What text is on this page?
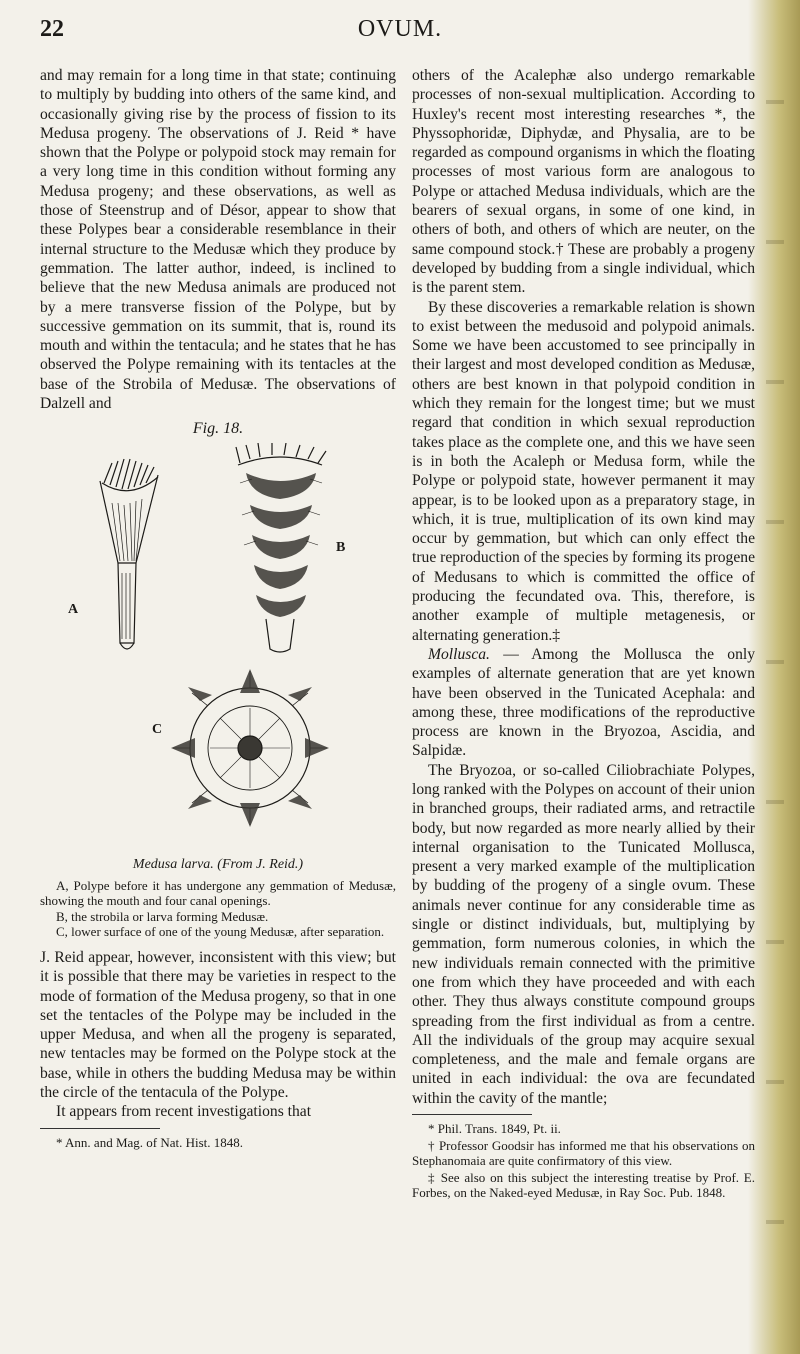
22	OVUM.

and may remain for a long time in that state; continuing to multiply by budding into others of the same kind, and occasionally giving rise by the process of fission to its Medusa progeny. The observations of J. Reid * have shown that the Polype or polypoid stock may remain for a very long time in this condition without forming any Medusa progeny; and these observations, as well as those of Steenstrup and of Désor, appear to show that these Polypes bear a considerable resemblance in their internal structure to the Medusæ which they produce by gemmation. The latter author, indeed, is inclined to believe that the new Medusa animals are produced not by a mere transverse fission of the Polype, but by successive gemmation on its summit, that is, round its mouth and within the tentacula; and he states that he has observed the Polype remaining with its tentacles at the base of the Strobila of Medusæ. The observations of Dalzell and

Fig. 18.
A
B
C
Medusa larva. (From J. Reid.)

A, Polype before it has undergone any gemmation of Medusæ, showing the mouth and four canal openings.

B, the strobila or larva forming Medusæ.

C, lower surface of one of the young Medusæ, after separation.

J. Reid appear, however, inconsistent with this view; but it is possible that there may be varieties in respect to the mode of formation of the Medusa progeny, so that in one set the tentacles of the Polype may be included in the upper Medusa, and when all the progeny is separated, new tentacles may be formed on the Polype stock at the base, while in others the budding Medusa may be within the circle of the tentacula of the Polype.

It appears from recent investigations that

* Ann. and Mag. of Nat. Hist. 1848.

others of the Acalephæ also undergo remarkable processes of non-sexual multiplication. According to Huxley's recent most interesting researches *, the Physsophoridæ, Diphydæ, and Physalia, are to be regarded as compound organisms in which the floating processes of most various form are analogous to Polype or attached Medusa individuals, which are the bearers of sexual organs, in some of one kind, in others of both, and others of which are neuter, on the same compound stock.† These are probably a progeny developed by budding from a single individual, which is the parent stem.

By these discoveries a remarkable relation is shown to exist between the medusoid and polypoid animals. Some we have been accustomed to see principally in their largest and most developed condition as Medusæ, others are best known in that polypoid condition in which they remain for the longest time; but we must regard that condition in which sexual reproduction takes place as the complete one, and this we have seen is in both the Acaleph or Medusa form, while the Polype or polypoid state, however permanent it may appear, is to be looked upon as a preparatory stage, in which, it is true, multiplication of its own kind may occur by gemmation, but which can only effect the true reproduction of the species by forming its progene of Medusans to which is committed the office of producing the fecundated ova. This, therefore, is another example of multiple metagenesis, or alternating generation.‡

Mollusca. — Among the Mollusca the only examples of alternate generation that are yet known have been observed in the Tunicated Acephala: and among these, three modifications of the reproductive process are known in the Bryozoa, Ascidia, and Salpidæ.

The Bryozoa, or so-called Ciliobrachiate Polypes, long ranked with the Polypes on account of their union in branched groups, their radiated arms, and retractile body, but now regarded as more nearly allied by their internal organisation to the Tunicated Mollusca, present a very marked example of the multiplication by budding of the progeny of a single ovum. These animals never continue for any considerable time as single or distinct individuals, but, multiplying by gemmation, form numerous colonies, in which the new individuals remain connected with the primitive one from which they have proceeded and with each other. They thus always constitute compound groups spreading from the first individual as from a centre. All the individuals of the group may acquire sexual completeness, and the male and female organs are united in each individual: the ova are fecundated within the cavity of the mantle;

* Phil. Trans. 1849, Pt. ii.

† Professor Goodsir has informed me that his observations on Stephanomaia are quite confirmatory of this view.

‡ See also on this subject the interesting treatise by Prof. E. Forbes, on the Naked-eyed Medusæ, in Ray Soc. Pub. 1848.
